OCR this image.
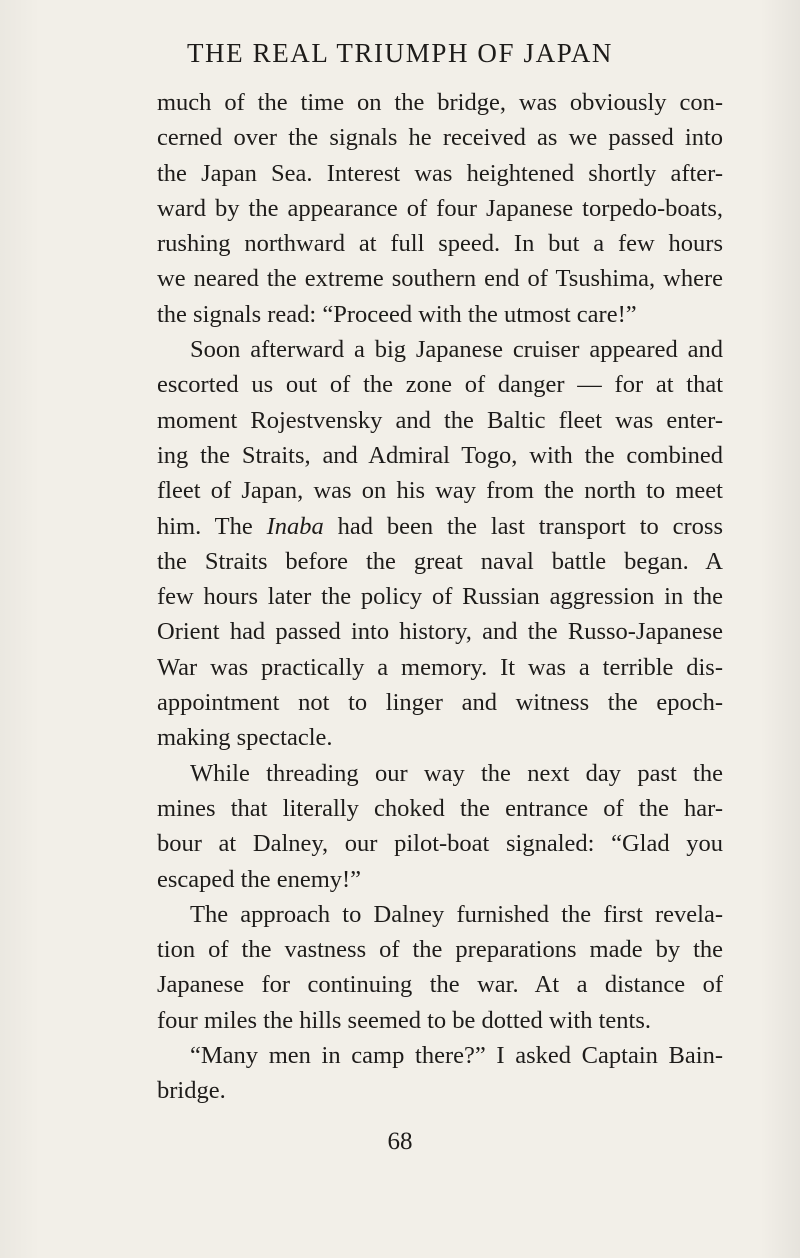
THE REAL TRIUMPH OF JAPAN
much of the time on the bridge, was obviously con-
cerned over the signals he received as we passed into
the Japan Sea. Interest was heightened shortly after-
ward by the appearance of four Japanese torpedo-boats,
rushing northward at full speed. In but a few hours
we neared the extreme southern end of Tsushima, where
the signals read: “Proceed with the utmost care!”
Soon afterward a big Japanese cruiser appeared and
escorted us out of the zone of danger — for at that
moment Rojestvensky and the Baltic fleet was enter-
ing the Straits, and Admiral Togo, with the combined
fleet of Japan, was on his way from the north to meet
him. The Inaba had been the last transport to cross
the Straits before the great naval battle began. A
few hours later the policy of Russian aggression in the
Orient had passed into history, and the Russo-Japanese
War was practically a memory. It was a terrible dis-
appointment not to linger and witness the epoch-
making spectacle.
While threading our way the next day past the
mines that literally choked the entrance of the har-
bour at Dalney, our pilot-boat signaled: “Glad you
escaped the enemy!”
The approach to Dalney furnished the first revela-
tion of the vastness of the preparations made by the
Japanese for continuing the war. At a distance of
four miles the hills seemed to be dotted with tents.
“Many men in camp there?” I asked Captain Bain-
bridge.
68
